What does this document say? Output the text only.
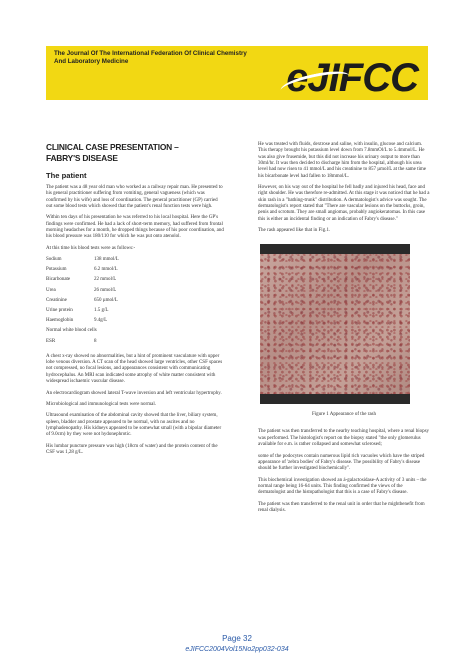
The Journal Of The International Federation Of Clinical Chemistry
And Laboratory Medicine	eJIFCC
CLINICAL CASE PRESENTATION –
FABRY'S DISEASE
The patient

The patient was a 48 year old man who worked as a railway repair man. He presented to his general practitioner suffering from vomiting, general vagueness (which was confirmed by his wife) and loss of coordination. The general practitioner (GP) carried out some blood tests which showed that the patient's renal function tests were high.

Within ten days of his presentation he was referred to his local hospital. Here the GP's findings were confirmed. He had a lack of short-term memory, had suffered from frontal morning headaches for a month, he dropped things because of his poor coordination, and his blood pressure was 180/110 for which he was put onto atenolol.

At this time his blood tests were as follows:-

Sodium	138 mmol/L
Potassium	6.2 mmol/L
Bicarbonate	22 mmol/L
Urea	26 mmol/L
Creatinine	650 µmol/L
Urine protein	1.5 g/L
Haemoglobin	9.4g/L
Normal white blood cells
ESR	8

A chest x-ray showed no abnormalities, but a hint of prominent vasculature with upper lobe venous diversion. A CT scan of the head showed large ventricles, other CSF spaces not compressed, no focal lesions, and appearances consistent with communicating hydrocephalus. An MRI scan indicated some atrophy of white matter consistent with widespread ischaemic vascular disease.

An electrocardiogram showed lateral T-wave inversion and left ventricular hypertrophy.

Microbiological and immunological tests were normal.

Ultrasound examination of the abdominal cavity showed that the liver, biliary system, spleen, bladder and prostate appeared to be normal, with no ascites and no lymphadenopathy. His kidneys appeared to be somewhat small (with a bipolar diameter of 9.0cm) by they were not hydonephrotic.

His lumbar puncture pressure was high (18cm of water) and the protein content of the CSF was 1,28 g/L.

He was treated with fluids, dextrose and saline, with insulin, glucose and calcium. This therapy brought his potassium level down from 7.8mmOl/L to 5.4mmol/L. He was also give frusemide, but this did not increase his urinary output to more than 30ml/hr. It was then decided to discharge him from the hospital, although his urea level had now risen to 41 mmol/L and his creatinine to 857 µmol/L at the same time his bicarbonate level had fallen to 18mmol/L.

However, on his way out of the hospital he fell badly and injured his head, face and right shoulder. He was therefore re-admitted. At this stage it was noticed that he had a skin rash in a "bathing-trunk" distribution. A dermatologist's advice was sought. The dermatologist's report stated that "There are vascular lesions on the buttocks, groin, penis and scrotum. They are small angiomas, probably angiokeratomas. In this case this is either an incidental finding or an indication of Fabry's disease."

The rash appeared like that in Fig.1.

Figure 1 Appearance of the rash

The patient was then transferred to the nearby teaching hospital, where a renal biopsy was performed. The histologist's report on the biopsy stated "the only glomerulus available for e.m. is rather collapsed and somewhat sclerosed;

some of the podocytes contain numerous lipid rich vacuoles which have the striped appearance of 'zebra bodies' of Fabry's disease. The possibility of Fabry's disease should be further investigated biochemically".

This biochemical investigation showed an á-galactosidase-A activity of 3 units – the normal range being 16-64 units. This finding confirmed the views of the dermatologist and the histopathologist that this is a case of Fabry's disease.

The patient was then transferred to the renal unit in order that he mightbenefit from renal dialysis.

Page 32
eJIFCC2004Vol15No2pp032-034
